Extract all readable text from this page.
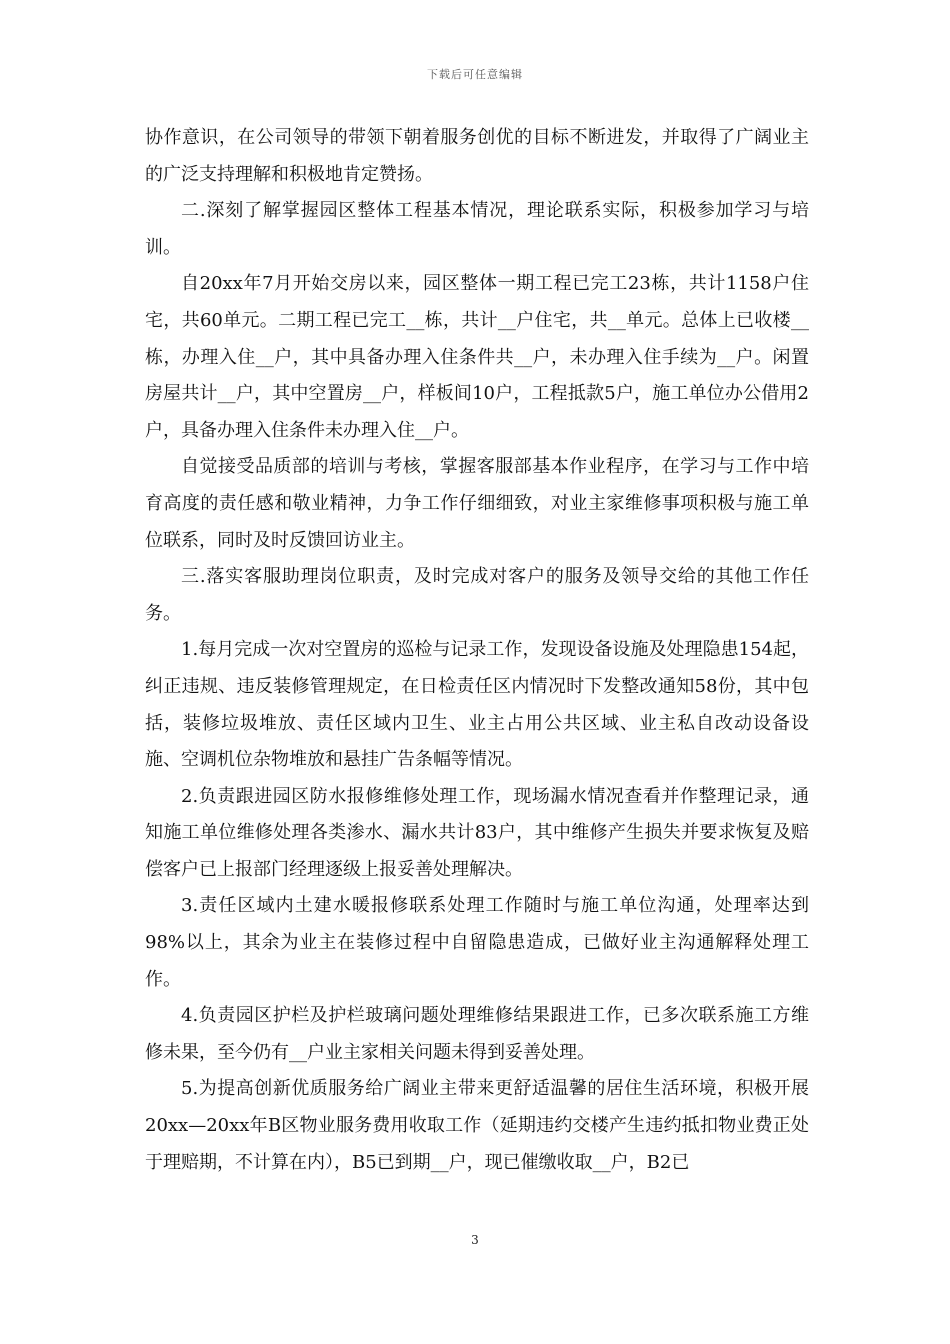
下载后可任意编辑

协作意识，在公司领导的带领下朝着服务创优的目标不断进发，并取得了广阔业主的广泛支持理解和积极地肯定赞扬。

二.深刻了解掌握园区整体工程基本情况，理论联系实际，积极参加学习与培训。

自20xx年7月开始交房以来，园区整体一期工程已完工23栋，共计1158户住宅，共60单元。二期工程已完工__栋，共计__户住宅，共__单元。总体上已收楼__栋，办理入住__户，其中具备办理入住条件共__户，未办理入住手续为__户。闲置房屋共计__户，其中空置房__户，样板间10户，工程抵款5户，施工单位办公借用2户，具备办理入住条件未办理入住__户。

自觉接受品质部的培训与考核，掌握客服部基本作业程序，在学习与工作中培育高度的责任感和敬业精神，力争工作仔细细致，对业主家维修事项积极与施工单位联系，同时及时反馈回访业主。

三.落实客服助理岗位职责，及时完成对客户的服务及领导交给的其他工作任务。

1.每月完成一次对空置房的巡检与记录工作，发现设备设施及处理隐患154起，纠正违规、违反装修管理规定，在日检责任区内情况时下发整改通知58份，其中包括，装修垃圾堆放、责任区域内卫生、业主占用公共区域、业主私自改动设备设施、空调机位杂物堆放和悬挂广告条幅等情况。

2.负责跟进园区防水报修维修处理工作，现场漏水情况查看并作整理记录，通知施工单位维修处理各类渗水、漏水共计83户，其中维修产生损失并要求恢复及赔偿客户已上报部门经理逐级上报妥善处理解决。

3.责任区域内土建水暖报修联系处理工作随时与施工单位沟通，处理率达到98%以上，其余为业主在装修过程中自留隐患造成，已做好业主沟通解释处理工作。

4.负责园区护栏及护栏玻璃问题处理维修结果跟进工作，已多次联系施工方维修未果，至今仍有__户业主家相关问题未得到妥善处理。

5.为提高创新优质服务给广阔业主带来更舒适温馨的居住生活环境，积极开展20xx—20xx年B区物业服务费用收取工作（延期违约交楼产生违约抵扣物业费正处于理赔期，不计算在内），B5已到期__户，现已催缴收取__户，B2已

3
